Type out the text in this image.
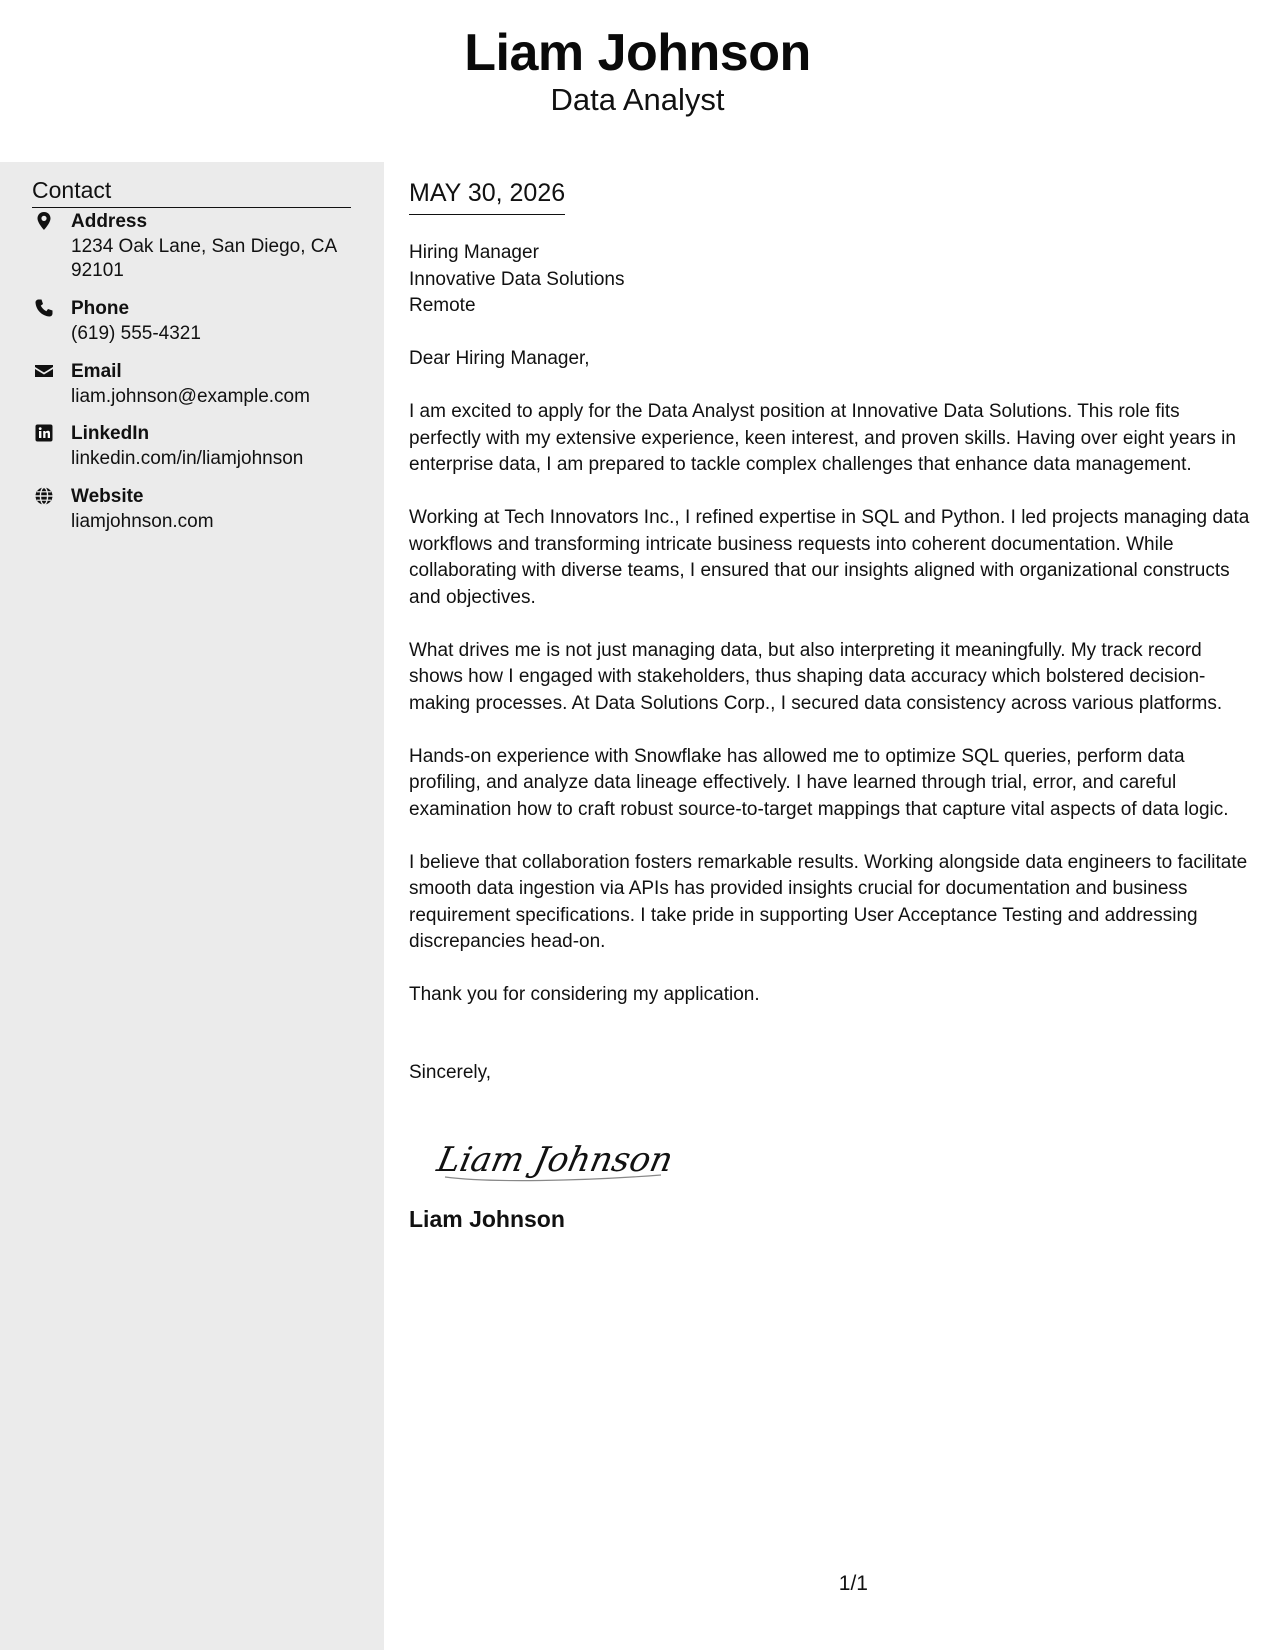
Liam Johnson
Data Analyst
Contact
Address
1234 Oak Lane, San Diego, CA 92101
Phone
(619) 555-4321
Email
liam.johnson@example.com
LinkedIn
linkedin.com/in/liamjohnson
Website
liamjohnson.com
MAY 30, 2026
Hiring Manager
Innovative Data Solutions
Remote
Dear Hiring Manager,

I am excited to apply for the Data Analyst position at Innovative Data Solutions. This role fits perfectly with my extensive experience, keen interest, and proven skills. Having over eight years in enterprise data, I am prepared to tackle complex challenges that enhance data management.

Working at Tech Innovators Inc., I refined expertise in SQL and Python. I led projects managing data workflows and transforming intricate business requests into coherent documentation. While collaborating with diverse teams, I ensured that our insights aligned with organizational constructs and objectives.

What drives me is not just managing data, but also interpreting it meaningfully. My track record shows how I engaged with stakeholders, thus shaping data accuracy which bolstered decision-making processes. At Data Solutions Corp., I secured data consistency across various platforms.

Hands-on experience with Snowflake has allowed me to optimize SQL queries, perform data profiling, and analyze data lineage effectively. I have learned through trial, error, and careful examination how to craft robust source-to-target mappings that capture vital aspects of data logic.

I believe that collaboration fosters remarkable results. Working alongside data engineers to facilitate smooth data ingestion via APIs has provided insights crucial for documentation and business requirement specifications. I take pride in supporting User Acceptance Testing and addressing discrepancies head-on.

Thank you for considering my application.

Sincerely,
Liam Johnson
Liam Johnson
1/1
